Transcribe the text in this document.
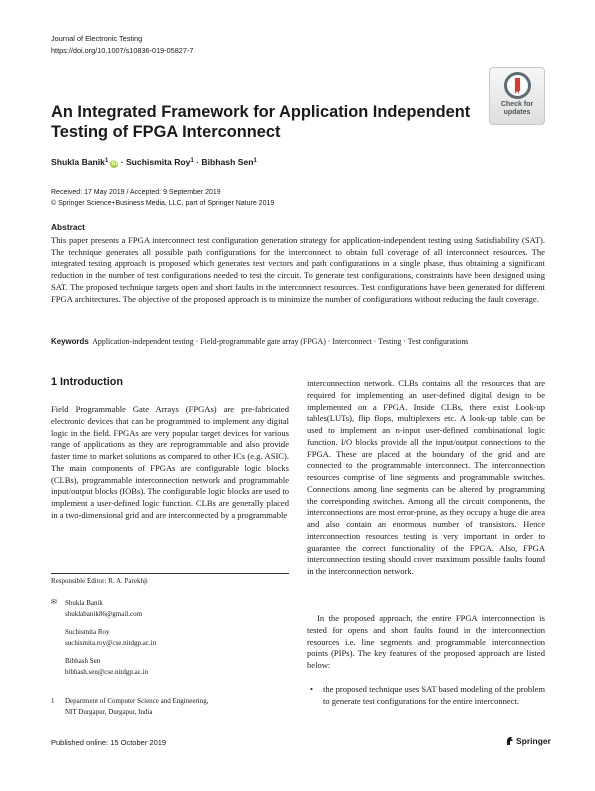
Journal of Electronic Testing
https://doi.org/10.1007/s10836-019-05827-7
Check for
updates
An Integrated Framework for Application Independent Testing of FPGA Interconnect
Shukla Banik$^1$ iD · Suchismita Roy$^1$ · Bibhash Sen$^1$
Received: 17 May 2019 / Accepted: 9 September 2019
© Springer Science+Business Media, LLC, part of Springer Nature 2019
Abstract

This paper presents a FPGA interconnect test configuration generation strategy for application-independent testing using Satisfiability (SAT). The technique generates all possible path configurations for the interconnect to obtain full coverage of all interconnect resources. The integrated testing approach is proposed which generates test vectors and path configurations in a single phase, thus obtaining a significant reduction in the number of test configurations needed to test the circuit. To generate test configurations, constraints have been designed using SAT. The proposed technique targets open and short faults in the interconnect resources. Test configurations have been generated for different FPGA architectures. The objective of the proposed approach is to minimize the number of configurations without reducing the fault coverage.

Keywords Application-independent testing · Field-programmable gate array (FPGA) · Interconnect · Testing · Test configurations

1 Introduction

Field Programmable Gate Arrays (FPGAs) are pre-fabricated electronic devices that can be programmed to implement any digital logic in the field. FPGAs are very popular target devices for various range of applications as they are reprogrammable and also provide faster time to market solutions as compared to other ICs (e.g. ASIC). The main components of FPGAs are configurable logic blocks (CLBs), programmable interconnection network and programmable input/output blocks (IOBs). The configurable logic blocks are used to implement a user-defined logic function. CLBs are generally placed in a two-dimensional grid and are interconnected by a programmable

interconnection network. CLBs contains all the resources that are required for implementing an user-defined digital design to be implemented on a FPGA. Inside CLBs, there exist Look-up tables(LUTs), flip flops, multiplexers etc. A look-up table can be used to implement an n-input user-defined combinational logic function. I/O blocks provide all the input/output connections to the FPGA. These are placed at the boundary of the grid and are connected to the programmable interconnect. The interconnection resources comprise of line segments and programmable switches. Connections among line segments can be altered by programming the corresponding switches. Among all the circuit components, the interconnections are most error-prone, as they occupy a huge die area and also contain an enormous number of transistors. Hence interconnection resources testing is very important in order to guarantee the correct functionality of the FPGA. Also, FPGA interconnection testing should cover maximum possible faults found in the interconnection network.

In the proposed approach, the entire FPGA interconnection is tested for opens and short faults found in the interconnection resources i.e. line segments and programmable interconnection points (PIPs). The key features of the proposed approach are listed below:

• the proposed technique uses SAT based modeling of the problem to generate test configurations for the entire interconnect.
Responsible Editor: R. A. Parekhji
✉ Shukla Banik
shuklabanik86@gmail.com
Suchismita Roy
suchismita.roy@cse.nitdgp.ac.in
Bibhash Sen
bibhash.sen@cse.nitdgp.ac.in
1 Department of Computer Science and Engineering,
NIT Durgapur, Durgapur, India
Published online: 15 October 2019	Springer
